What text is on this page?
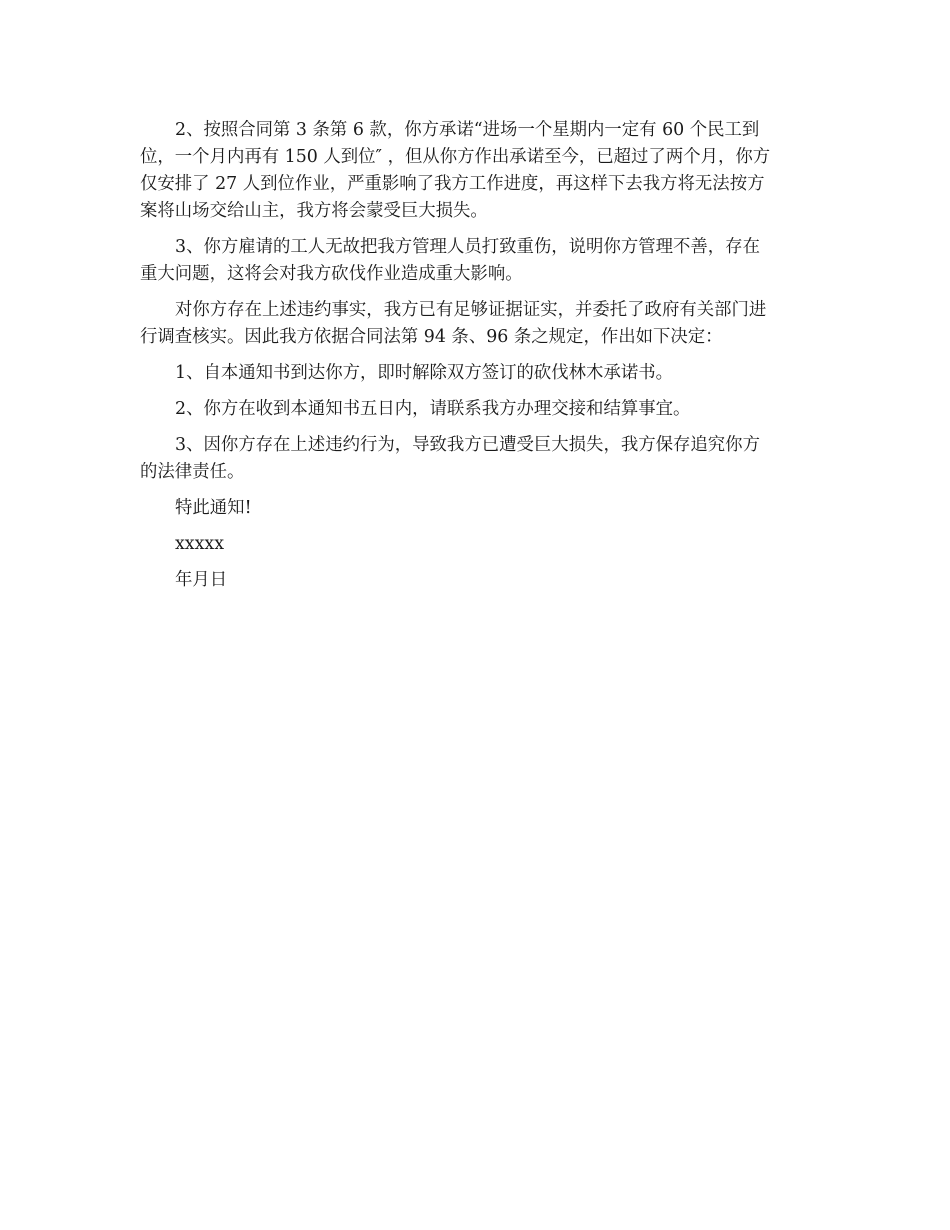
2、按照合同第 3 条第 6 款，你方承诺“进场一个星期内一定有 60 个民工到
位，一个月内再有 150 人到位″ ，但从你方作出承诺至今，已超过了两个月，你方
仅安排了 27 人到位作业，严重影响了我方工作进度，再这样下去我方将无法按方
案将山场交给山主，我方将会蒙受巨大损失。

3、你方雇请的工人无故把我方管理人员打致重伤，说明你方管理不善，存在
重大问题，这将会对我方砍伐作业造成重大影响。

对你方存在上述违约事实，我方已有足够证据证实，并委托了政府有关部门进
行调查核实。因此我方依据合同法第 94 条、96 条之规定，作出如下决定：

1、自本通知书到达你方，即时解除双方签订的砍伐林木承诺书。

2、你方在收到本通知书五日内，请联系我方办理交接和结算事宜。

3、因你方存在上述违约行为，导致我方已遭受巨大损失，我方保存追究你方
的法律责任。

特此通知!

xxxxx

年月日
